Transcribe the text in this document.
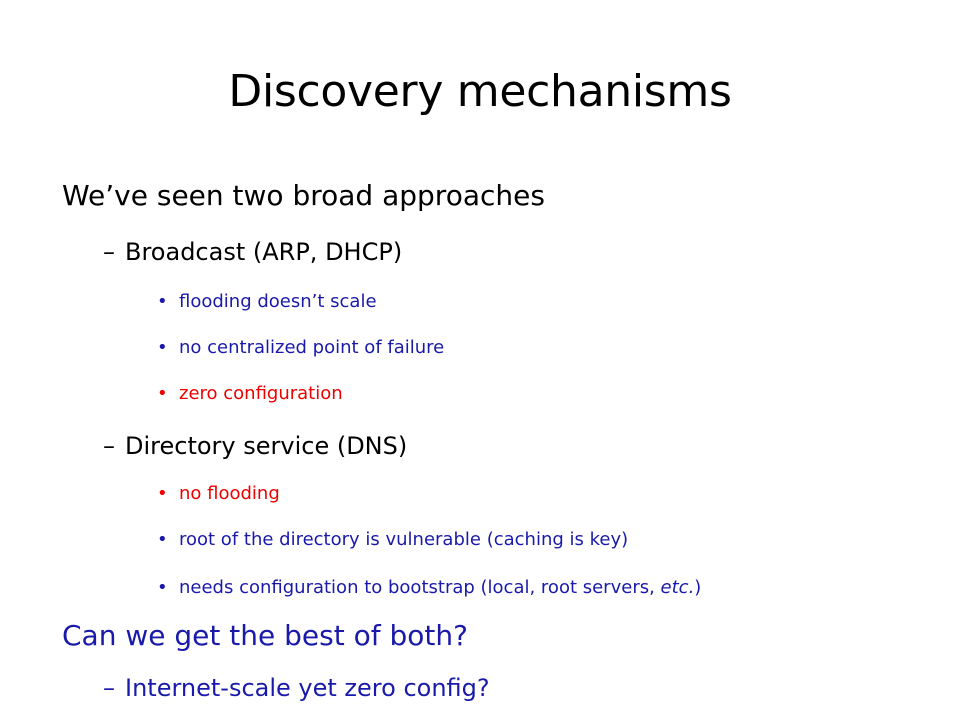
Discovery mechanisms
We’ve seen two broad approaches
– Broadcast (ARP, DHCP)
• flooding doesn’t scale
• no centralized point of failure
• zero configuration
– Directory service (DNS)
• no flooding
• root of the directory is vulnerable (caching is key)
• needs configuration to bootstrap (local, root servers, etc.)
Can we get the best of both?
– Internet-scale yet zero config?
